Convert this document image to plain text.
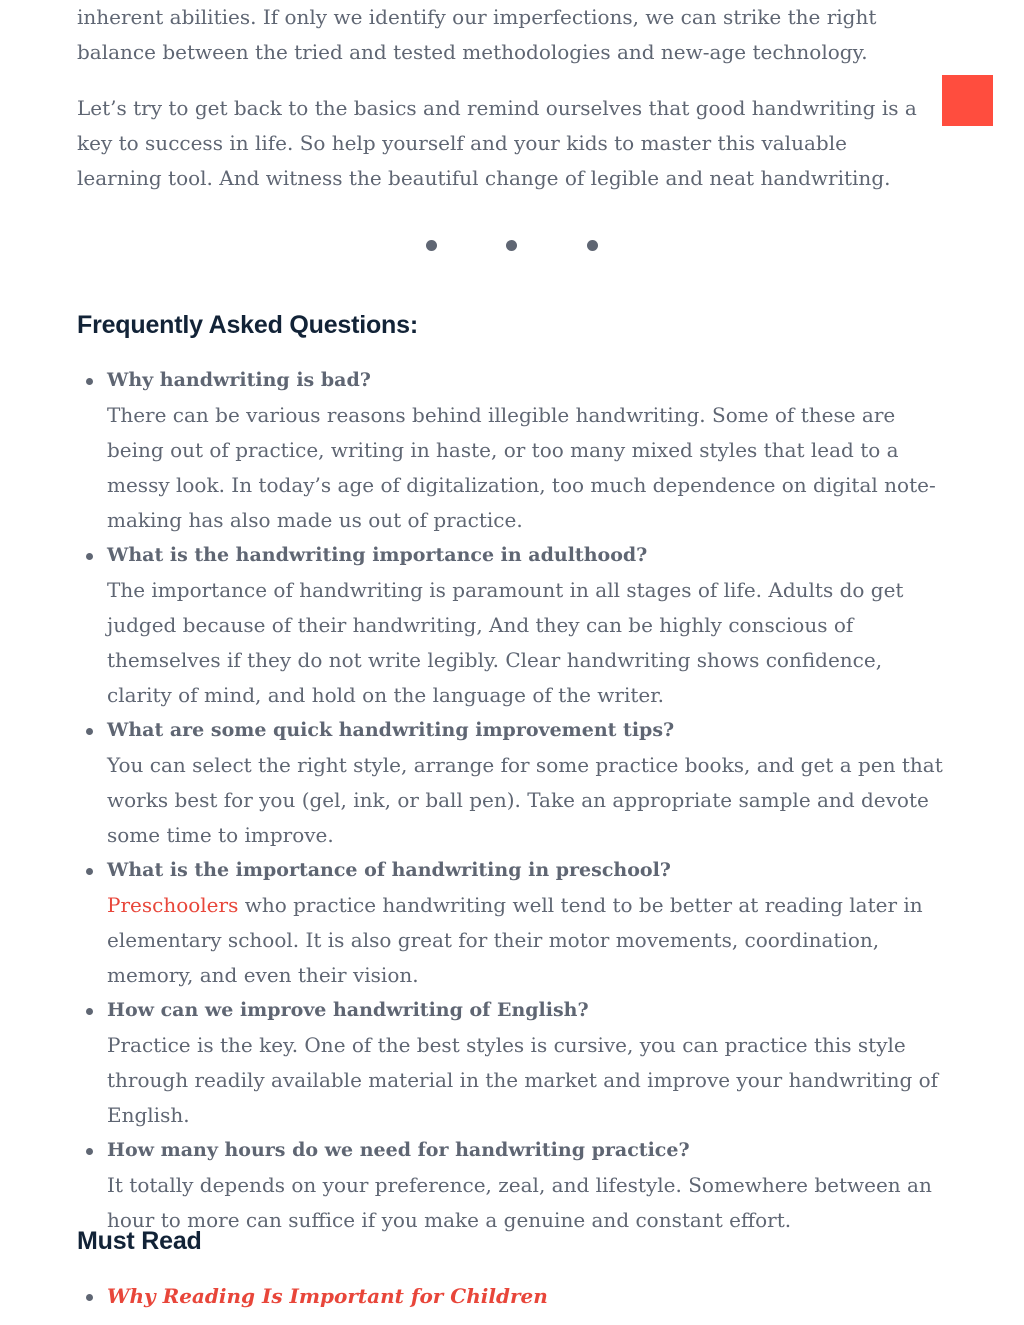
inherent abilities. If only we identify our imperfections, we can strike the right balance between the tried and tested methodologies and new-age technology.

Let’s try to get back to the basics and remind ourselves that good handwriting is a key to success in life. So help yourself and your kids to master this valuable learning tool. And witness the beautiful change of legible and neat handwriting.

Frequently Asked Questions:
Why handwriting is bad?
There can be various reasons behind illegible handwriting. Some of these are being out of practice, writing in haste, or too many mixed styles that lead to a messy look. In today’s age of digitalization, too much dependence on digital note-making has also made us out of practice.
What is the handwriting importance in adulthood?
The importance of handwriting is paramount in all stages of life. Adults do get judged because of their handwriting, And they can be highly conscious of themselves if they do not write legibly. Clear handwriting shows confidence, clarity of mind, and hold on the language of the writer.
What are some quick handwriting improvement tips?
You can select the right style, arrange for some practice books, and get a pen that works best for you (gel, ink, or ball pen). Take an appropriate sample and devote some time to improve.
What is the importance of handwriting in preschool?
Preschoolers who practice handwriting well tend to be better at reading later in elementary school. It is also great for their motor movements, coordination, memory, and even their vision.
How can we improve handwriting of English?
Practice is the key. One of the best styles is cursive, you can practice this style through readily available material in the market and improve your handwriting of English.
How many hours do we need for handwriting practice?
It totally depends on your preference, zeal, and lifestyle. Somewhere between an hour to more can suffice if you make a genuine and constant effort.
Must Read
Why Reading Is Important for Children
